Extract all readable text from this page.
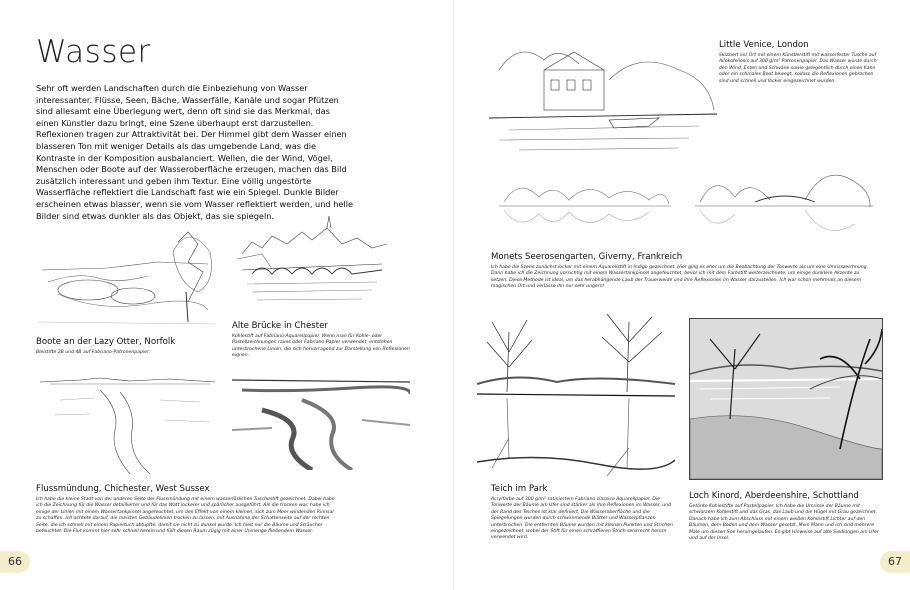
Wasser

Sehr oft werden Landschaften durch die Einbeziehung von Wasser interessanter. Flüsse, Seen, Bäche, Wasserfälle, Kanäle und sogar Pfützen sind allesamt eine Überlegung wert, denn oft sind sie das Merkmal, das einen Künstler dazu bringt, eine Szene überhaupt erst darzustellen. Reflexionen tragen zur Attraktivität bei. Der Himmel gibt dem Wasser einen blasseren Ton mit weniger Details als das umgebende Land, was die Kontraste in der Komposition ausbalanciert. Wellen, die der Wind, Vögel, Menschen oder Boote auf der Wasseroberfläche erzeugen, machen das Bild zusätzlich interessant und geben ihm Textur. Eine völlig ungestörte Wasserfläche reflektiert die Landschaft fast wie ein Spiegel. Dunkle Bilder erscheinen etwas blasser, wenn sie vom Wasser reflektiert werden, und helle Bilder sind etwas dunkler als das Objekt, das sie spiegeln.

Boote an der Lazy Otter, Norfolk

Bleistifte 2B und 4B auf Fabriano-Patronenpapier.

Alte Brücke in Chester

Kohlestift auf Fabriano-Aquarellpapier. Wenn man für Kohle- oder Pastellzeichnungen raues oder Fabriano-Papier verwendet, entstehen unterbrochene Linien, die sich hervorragend zur Darstellung von Reflexionen eignen.

Flussmündung, Chichester, West Sussex

Ich habe die kleine Stadt von der anderen Seite der Flussmündung mit einem wasserlöslichen Tuschestift gezeichnet. Dabei habe ich die Zeichnung für die Wasser detaillierter und für das Watt lockerer und spärlicher ausgeführt. Als die trocken war, habe ich einige der Linien mit einem Wassertankpinsel angefeuchtet, um den Effekt von einem kleinen, sich zum Meer windenden Rinnsal zu schaffen. Ich achtete darauf, die meisten Gebäudelinien trocken zu lassen, mit Ausnahme der Schattenseite auf der rechten Seite, die ich schnell mit einem Papiertuch abtupfte, damit sie nicht zu dunkel wurde. Ich hielt nur die Bäume und Sträucher befeuchtet. Die Flut kommt hier sehr schnell herein und füllt diesen Raum zügig mit einer Unmenge fließendem Wasser.

66
Little Venice, London

Skizziert vor Ort mit einem Künstlerstift mit wasserfester Tusche auf Allokofeilesis auf 300 g/m² Patronenpapier. Das Wasser wurde durch den Wind, Enten und Schwäne sowie gelegentlich durch einen Kahn oder ein schmales Boot bewegt, sodass die Reflexionen gebrochen sind und schnell und locker eingezeichnet wurden.

Monets Seerosengarten, Giverny, Frankreich

Ich habe die Szene zunächst locker mit einem Aquarellstift in Indigo gezeichnet. Hier ging es eher um die Beobachtung der Tonwerte als um eine Umrisszeichnung. Dann habe ich die Zeichnung vorsichtig mit einem Wassertankpinsel angefeuchtet, bevor ich mit dem Farbstift weiterzeichnete, um einige dunklere Akzente zu setzen. Diese Methode ist ideal, um das herabhängende Laub der Trauerweide und ihre Reflexionen im Wasser darzustellen. Ich war schon mehrmals an diesem magischen Ort und verlasse ihn nur sehr ungern!

Teich im Park

Acrylfarbe auf 300 g/m² satiniertem Fabriano classico Aquarellpapier. Die Tonwerte der Bäume am Ufer sind stärker als ihre Reflexionen im Wasser, und der Rand des Teiches ist klar definiert. Die Wasseroberfläche und die Spiegelungen wurden durch schwimmende Blätter und Wasserpflanzen unterbrochen. Die entfernten Bäume wurden mit kleinen Punkten und Strichen eingezeichnet, wobei der Stift für einen schraffieren Strich senkrecht herum verwendet wird.

Loch Kinord, Aberdeenshire, Schottland

Getönte Kohlestifte auf Pastellpapier. Ich habe die Umrisse der Bäume mit schwarzem Kohlestift und das Gras, das Laub und die Hügel mit Grau gezeichnet. Danach habe ich zum Abschluss mit einem weißen Kohlestift Lichter auf den Bäumen, dem Boden und dem Wasser gesetzt. Mein Mann und ich sind mehrere Male um diesen See herumgelaufen. Es gibt Hinweise auf alte Siedlungen am Ufer und auf der Insel.

67
